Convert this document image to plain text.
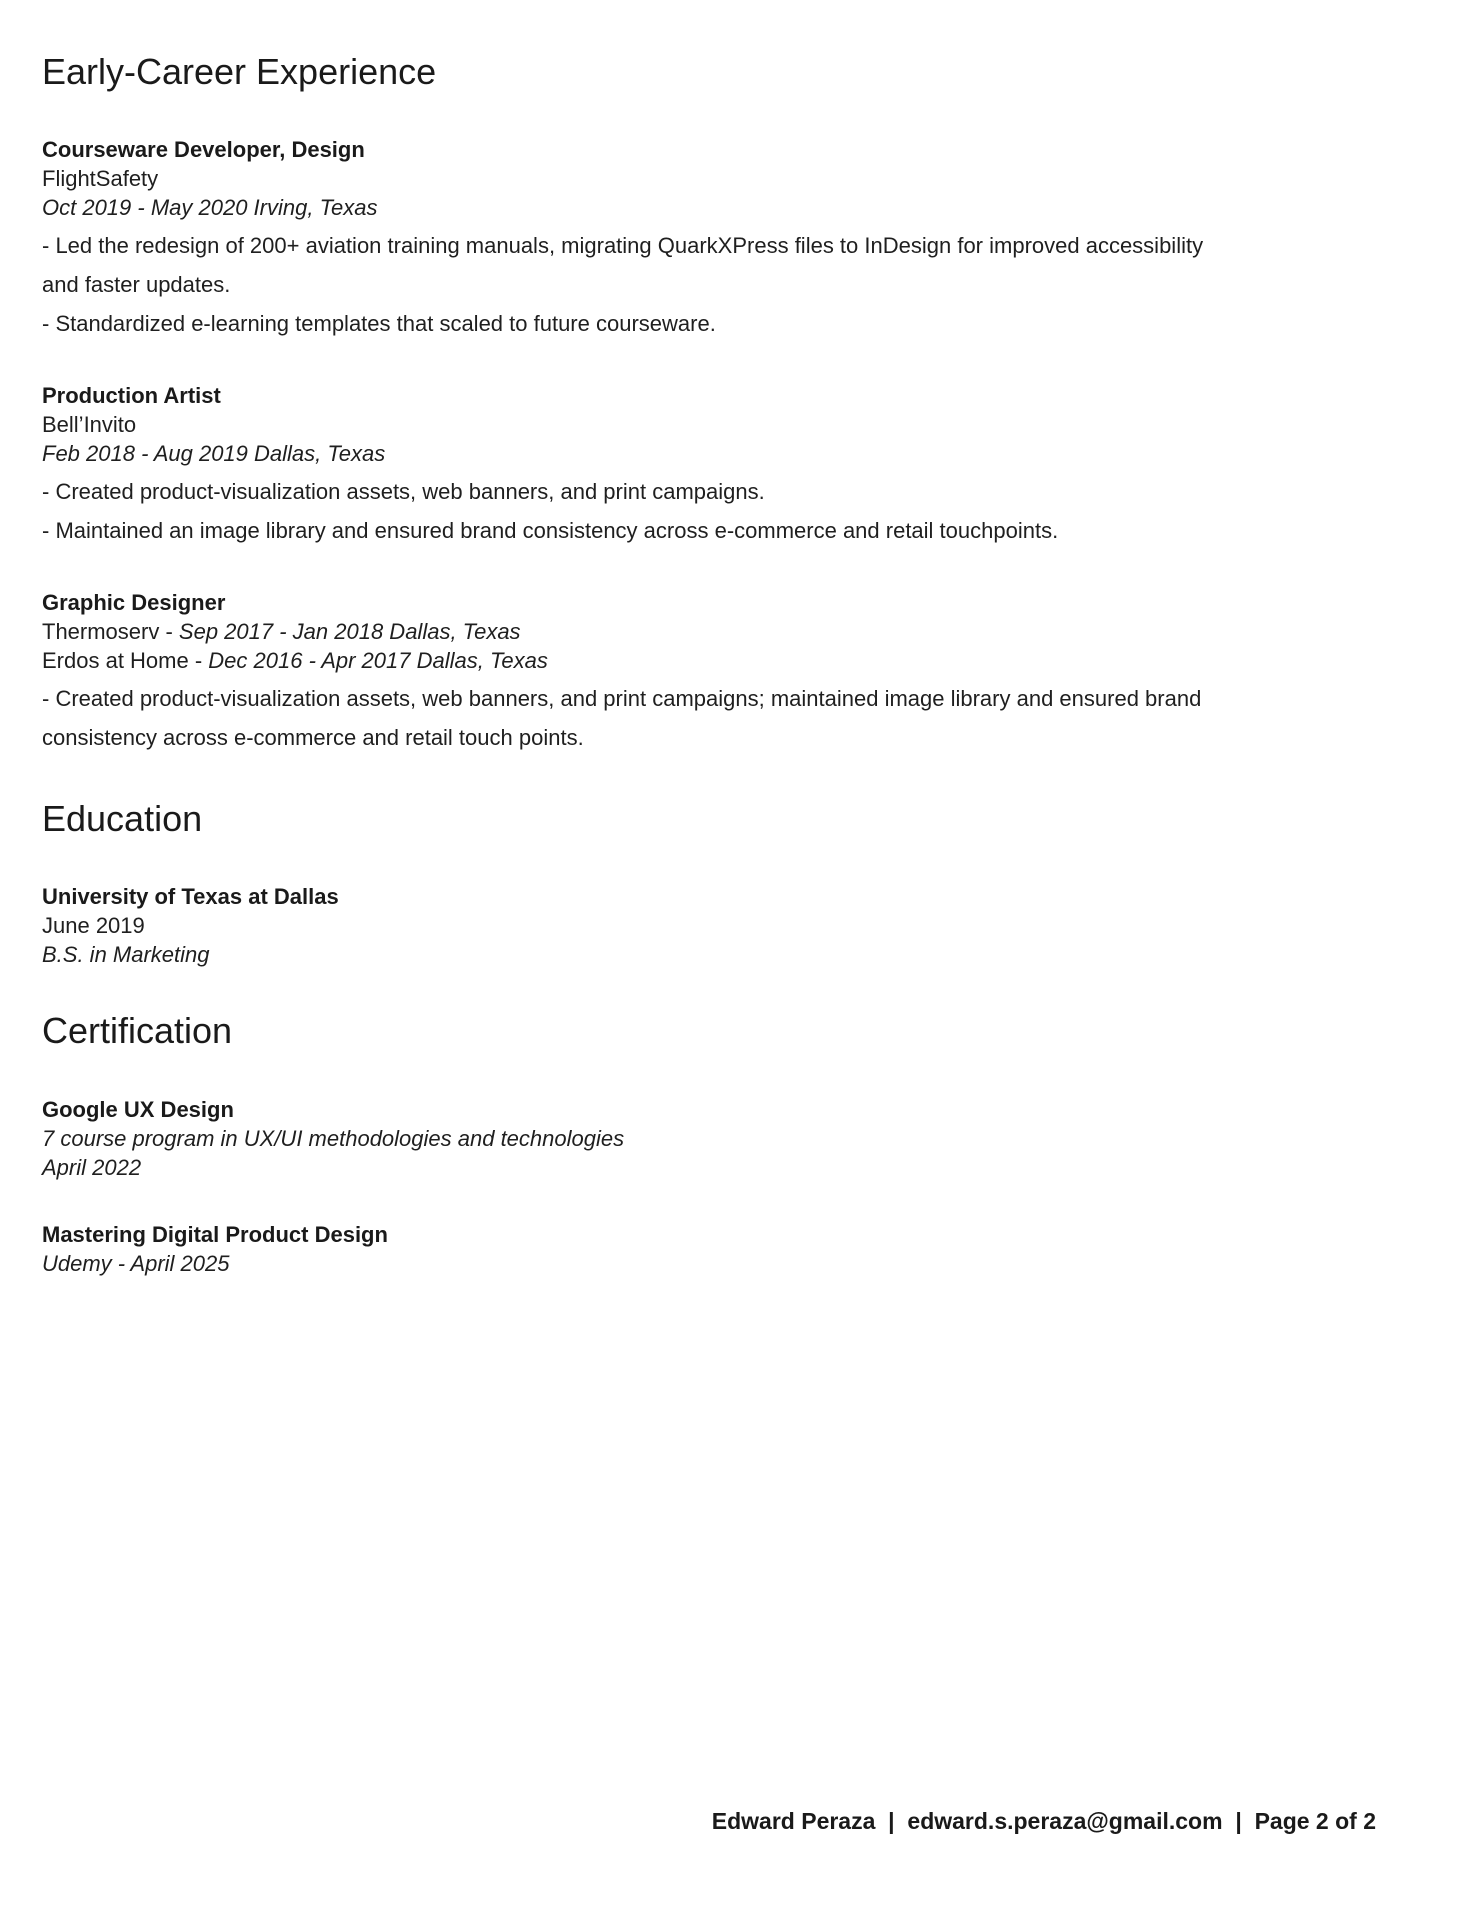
Early-Career Experience
Courseware Developer, Design
FlightSafety
Oct 2019 - May 2020 Irving, Texas
- Led the redesign of 200+ aviation training manuals, migrating QuarkXPress files to InDesign for improved accessibility and faster updates.
- Standardized e-learning templates that scaled to future courseware.
Production Artist
Bell’Invito
Feb 2018 - Aug 2019 Dallas, Texas
- Created product-visualization assets, web banners, and print campaigns.
- Maintained an image library and ensured brand consistency across e-commerce and retail touchpoints.
Graphic Designer
Thermoserv - Sep 2017 - Jan 2018 Dallas, Texas
Erdos at Home - Dec 2016 - Apr 2017 Dallas, Texas
- Created product-visualization assets, web banners, and print campaigns; maintained image library and ensured brand consistency across e-commerce and retail touch points.
Education
University of Texas at Dallas
June 2019
B.S. in Marketing
Certification
Google UX Design
7 course program in UX/UI methodologies and technologies
April 2022
Mastering Digital Product Design
Udemy - April 2025
Edward Peraza  |  edward.s.peraza@gmail.com  |  Page 2 of 2
